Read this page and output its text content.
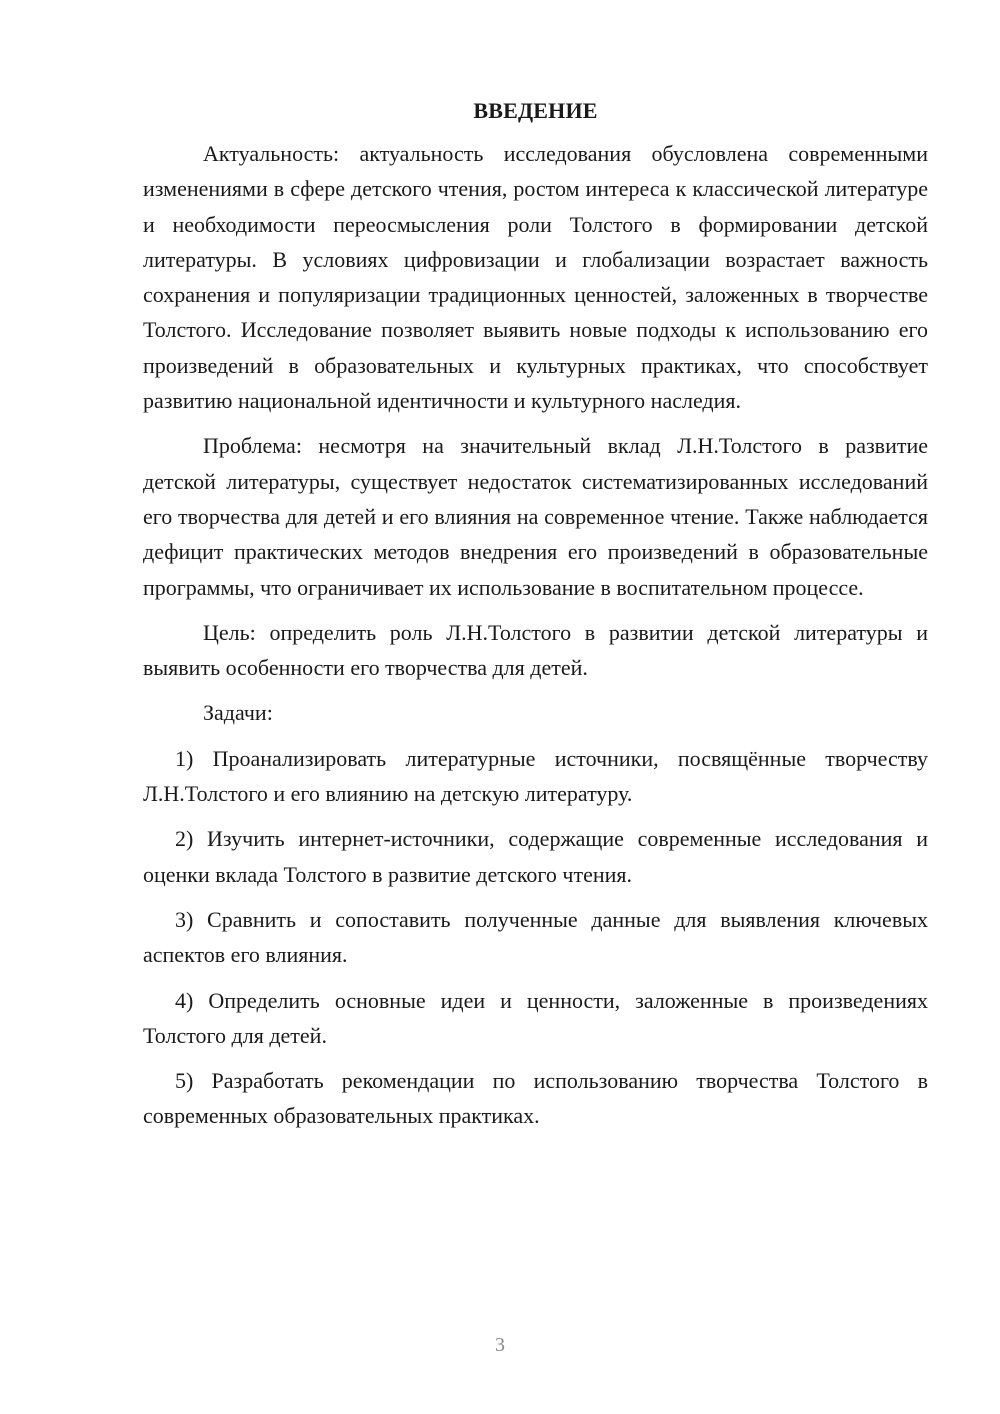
ВВЕДЕНИЕ

Актуальность: актуальность исследования обусловлена современными изменениями в сфере детского чтения, ростом интереса к классической литературе и необходимости переосмысления роли Толстого в формировании детской литературы. В условиях цифровизации и глобализации возрастает важность сохранения и популяризации традиционных ценностей, заложенных в творчестве Толстого. Исследование позволяет выявить новые подходы к использованию его произведений в образовательных и культурных практиках, что способствует развитию национальной идентичности и культурного наследия.

Проблема: несмотря на значительный вклад Л.Н.Толстого в развитие детской литературы, существует недостаток систематизированных исследований его творчества для детей и его влияния на современное чтение. Также наблюдается дефицит практических методов внедрения его произведений в образовательные программы, что ограничивает их использование в воспитательном процессе.

Цель: определить роль Л.Н.Толстого в развитии детской литературы и выявить особенности его творчества для детей.

Задачи:

1) Проанализировать литературные источники, посвящённые творчеству Л.Н.Толстого и его влиянию на детскую литературу.

2) Изучить интернет-источники, содержащие современные исследования и оценки вклада Толстого в развитие детского чтения.

3) Сравнить и сопоставить полученные данные для выявления ключевых аспектов его влияния.

4) Определить основные идеи и ценности, заложенные в произведениях Толстого для детей.

5) Разработать рекомендации по использованию творчества Толстого в современных образовательных практиках.

3
